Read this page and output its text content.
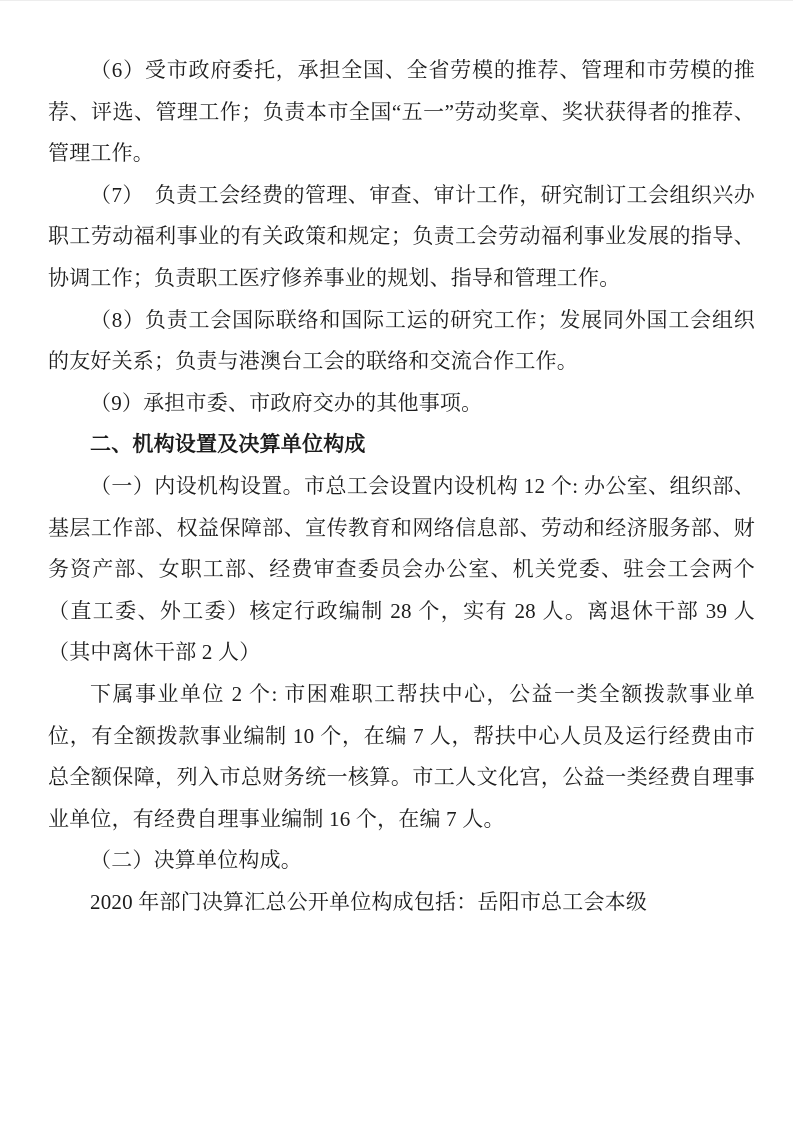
（6）受市政府委托，承担全国、全省劳模的推荐、管理和市劳模的推荐、评选、管理工作；负责本市全国“五一”劳动奖章、奖状获得者的推荐、管理工作。

（7）　负责工会经费的管理、审查、审计工作，研究制订工会组织兴办职工劳动福利事业的有关政策和规定；负责工会劳动福利事业发展的指导、协调工作；负责职工医疗修养事业的规划、指导和管理工作。

（8）负责工会国际联络和国际工运的研究工作；发展同外国工会组织的友好关系；负责与港澳台工会的联络和交流合作工作。

（9）承担市委、市政府交办的其他事项。

二、机构设置及决算单位构成

（一）内设机构设置。市总工会设置内设机构 12 个: 办公室、组织部、基层工作部、权益保障部、宣传教育和网络信息部、劳动和经济服务部、财务资产部、女职工部、经费审查委员会办公室、机关党委、驻会工会两个（直工委、外工委）核定行政编制 28 个，实有 28 人。离退休干部 39 人（其中离休干部 2 人）

下属事业单位 2 个: 市困难职工帮扶中心，公益一类全额拨款事业单位，有全额拨款事业编制 10 个，在编 7 人，帮扶中心人员及运行经费由市总全额保障，列入市总财务统一核算。市工人文化宫，公益一类经费自理事业单位，有经费自理事业编制 16 个，在编 7 人。

（二）决算单位构成。

2020 年部门决算汇总公开单位构成包括：岳阳市总工会本级
